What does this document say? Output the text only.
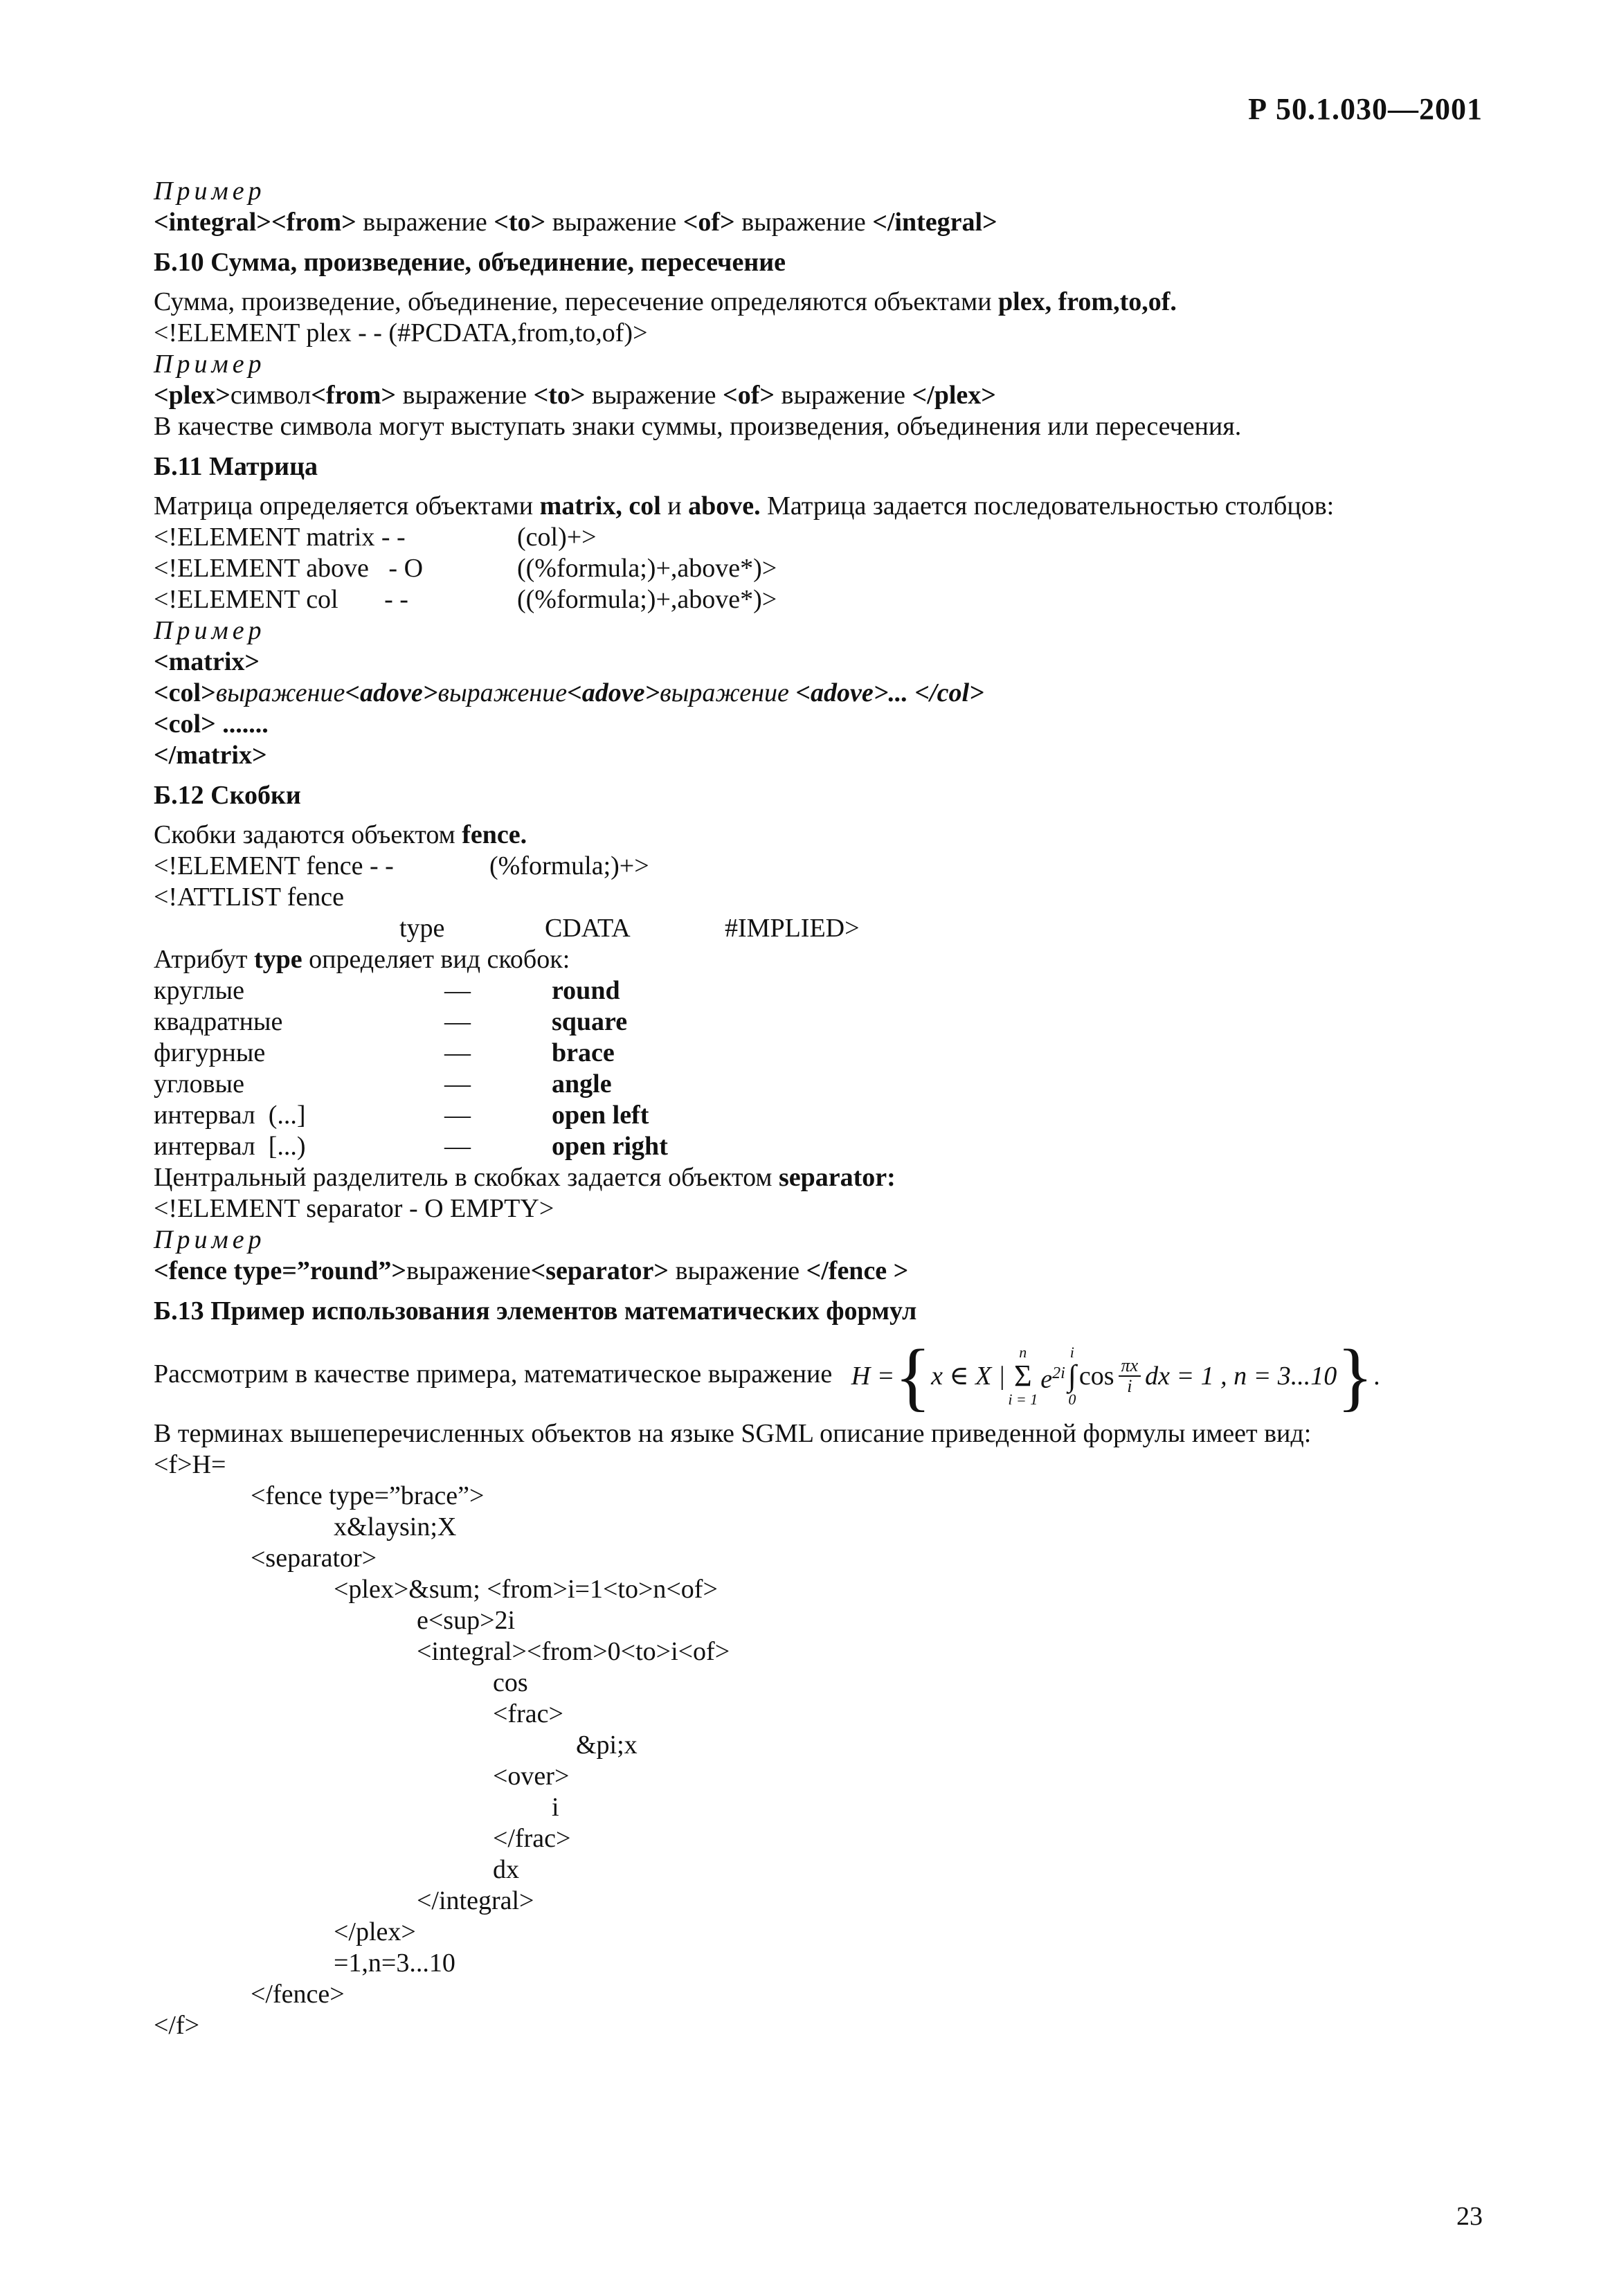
Р 50.1.030—2001
Пример
<integral><from> выражение <to> выражение <of> выражение </integral>
Б.10 Сумма, произведение, объединение, пересечение
Сумма, произведение, объединение, пересечение определяются объектами plex, from,to,of.
<!ELEMENT plex - - (#PCDATA,from,to,of)>
Пример
<plex>символ<from> выражение <to> выражение <of> выражение </plex>
В качестве символа могут выступать знаки суммы, произведения, объединения или пересечения.
Б.11 Матрица
Матрица определяется объектами matrix, col и above. Матрица задается последовательностью столбцов:
<!ELEMENT matrix - -	(col)+>
<!ELEMENT above   - O	((%formula;)+,above*)>
<!ELEMENT col       - -	((%formula;)+,above*)>
Пример
<matrix>
<col>выражение<adove>выражение<adove>выражение <adove>... </col>
<col> .......
</matrix>
Б.12 Скобки
Скобки задаются объектом fence.
<!ELEMENT fence - -	(%formula;)+>
<!ATTLIST fence
type	CDATA	#IMPLIED>
Атрибут type определяет вид скобок:
круглые	—	round
квадратные	—	square
фигурные	—	brace
угловые	—	angle
интервал  (...]	—	open left
интервал  [...)	—	open right
Центральный разделитель в скобках задается объектом separator:
<!ELEMENT separator - O EMPTY>
Пример
<fence type=”round”>выражение<separator> выражение </fence >
Б.13 Пример использования элементов математических формул
Рассмотрим в качестве примера, математическое выражение H = { x ∈ X |
n
Σ
i = 1
$e^{2i}$
i
∫
0
$\cos \frac{\pi x}{i}$ dx = 1 , n = 3...10 } .
В терминах вышеперечисленных объектов на языке SGML описание приведенной формулы имеет вид:
<f>H=
<fence type=”brace”>
x&laysin;X
<separator>
<plex>&sum; <from>i=1<to>n<of>
e<sup>2i
<integral><from>0<to>i<of>
cos
<frac>
&pi;x
<over>
i
</frac>
dx
</integral>
</plex>
=1,n=3...10
</fence>
</f>
23
